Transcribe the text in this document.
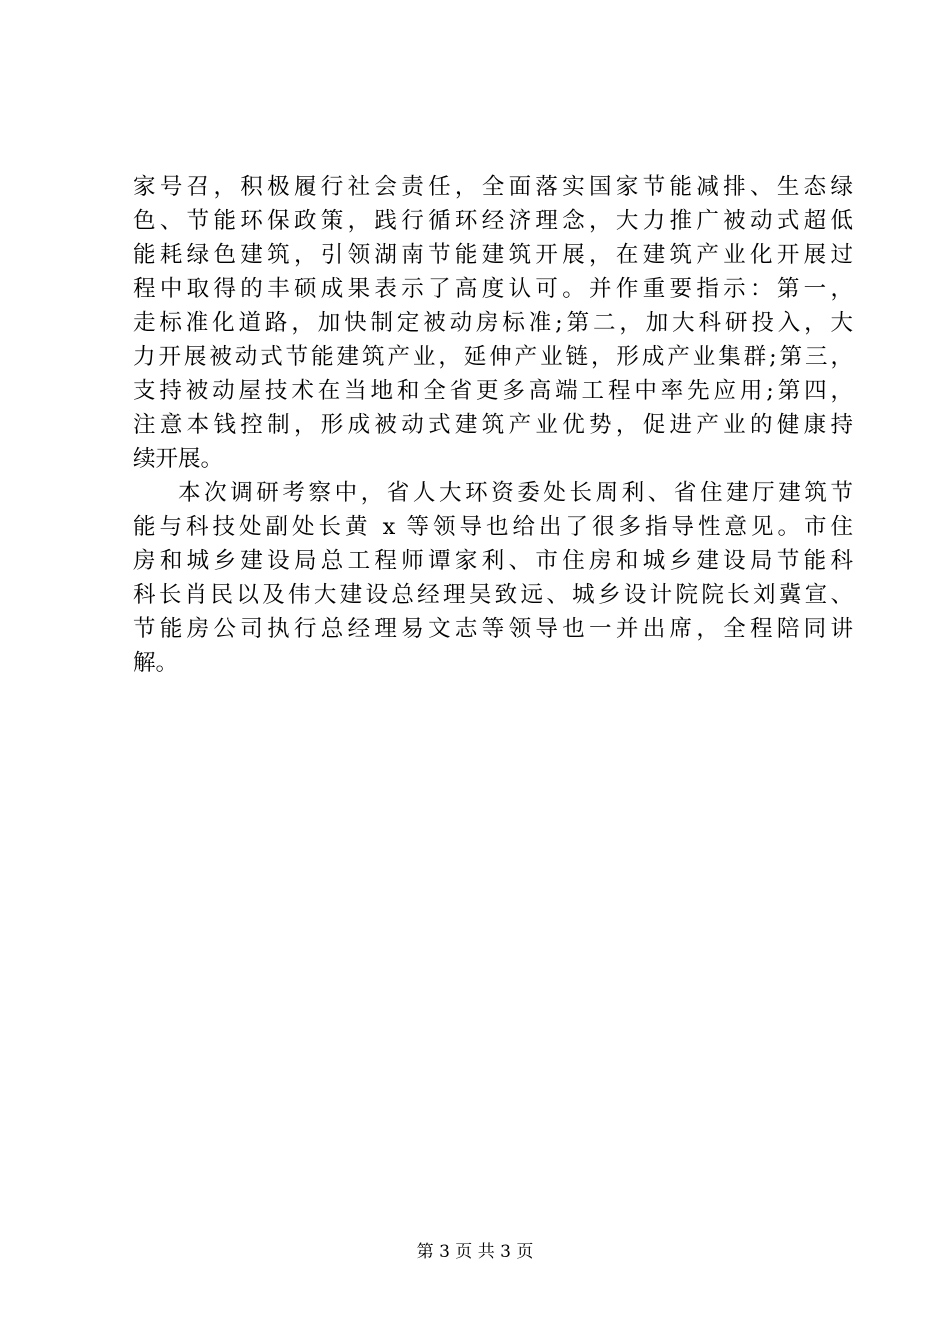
家号召，积极履行社会责任，全面落实国家节能减排、生态绿
色、节能环保政策，践行循环经济理念，大力推广被动式超低
能耗绿色建筑，引领湖南节能建筑开展，在建筑产业化开展过
程中取得的丰硕成果表示了高度认可。并作重要指示：第一，
走标准化道路，加快制定被动房标准;第二，加大科研投入，大
力开展被动式节能建筑产业，延伸产业链，形成产业集群;第三，
支持被动屋技术在当地和全省更多高端工程中率先应用;第四，
注意本钱控制，形成被动式建筑产业优势，促进产业的健康持
续开展。
本次调研考察中，省人大环资委处长周利、省住建厅建筑节
能与科技处副处长黄 x 等领导也给出了很多指导性意见。市住
房和城乡建设局总工程师谭家利、市住房和城乡建设局节能科
科长肖民以及伟大建设总经理吴致远、城乡设计院院长刘冀宣、
节能房公司执行总经理易文志等领导也一并出席，全程陪同讲
解。
第 3 页 共 3 页
